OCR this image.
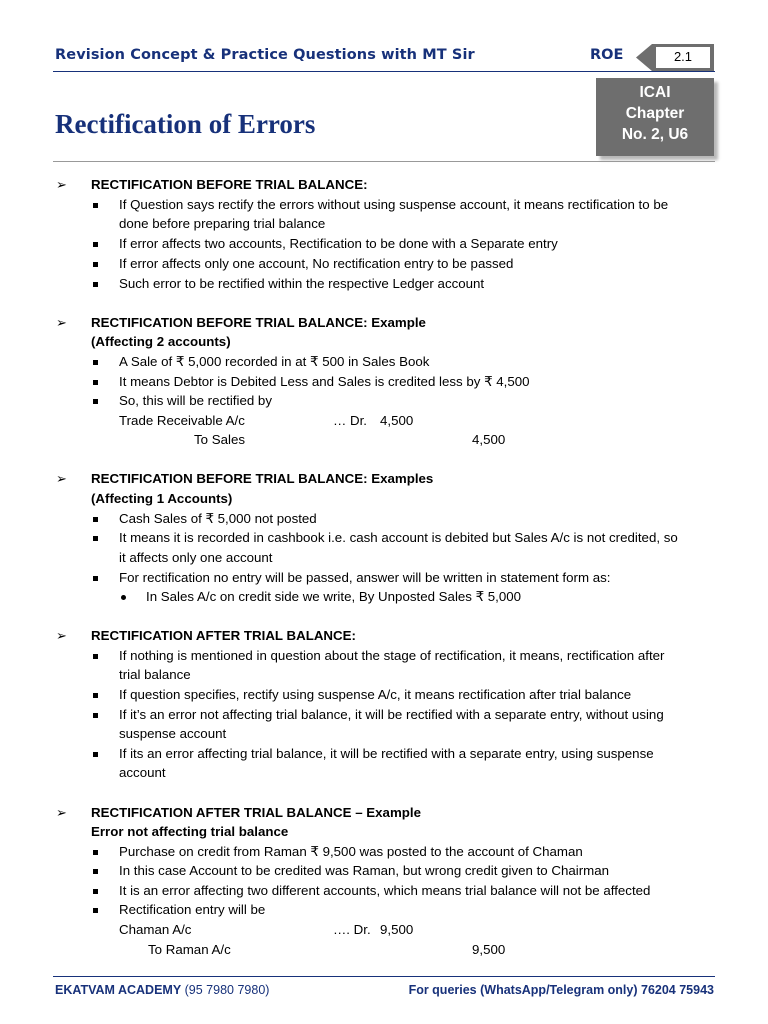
Revision Concept & Practice Questions with MT Sir	ROE	2.1
ICAI
Chapter
No. 2, U6
Rectification of Errors
➢ RECTIFICATION BEFORE TRIAL BALANCE:
If Question says rectify the errors without using suspense account, it means rectification to be
done before preparing trial balance
If error affects two accounts, Rectification to be done with a Separate entry
If error affects only one account, No rectification entry to be passed
Such error to be rectified within the respective Ledger account
➢ RECTIFICATION BEFORE TRIAL BALANCE: Example
(Affecting 2 accounts)
A Sale of ₹ 5,000 recorded in at ₹ 500 in Sales Book
It means Debtor is Debited Less and Sales is credited less by ₹ 4,500
So, this will be rectified by
Trade Receivable A/c	… Dr. 4,500
To Sales	4,500
➢ RECTIFICATION BEFORE TRIAL BALANCE: Examples
(Affecting 1 Accounts)
Cash Sales of ₹ 5,000 not posted
It means it is recorded in cashbook i.e. cash account is debited but Sales A/c is not credited, so
it affects only one account
For rectification no entry will be passed, answer will be written in statement form as:
In Sales A/c on credit side we write, By Unposted Sales ₹ 5,000
➢ RECTIFICATION AFTER TRIAL BALANCE:
If nothing is mentioned in question about the stage of rectification, it means, rectification after
trial balance
If question specifies, rectify using suspense A/c, it means rectification after trial balance
If it’s an error not affecting trial balance, it will be rectified with a separate entry, without using
suspense account
If its an error affecting trial balance, it will be rectified with a separate entry, using suspense
account
➢ RECTIFICATION AFTER TRIAL BALANCE – Example
Error not affecting trial balance
Purchase on credit from Raman ₹ 9,500 was posted to the account of Chaman
In this case Account to be credited was Raman, but wrong credit given to Chairman
It is an error affecting two different accounts, which means trial balance will not be affected
Rectification entry will be
Chaman A/c	…. Dr. 9,500
To Raman A/c	9,500
EKATVAM ACADEMY (95 7980 7980)	For queries (WhatsApp/Telegram only) 76204 75943
